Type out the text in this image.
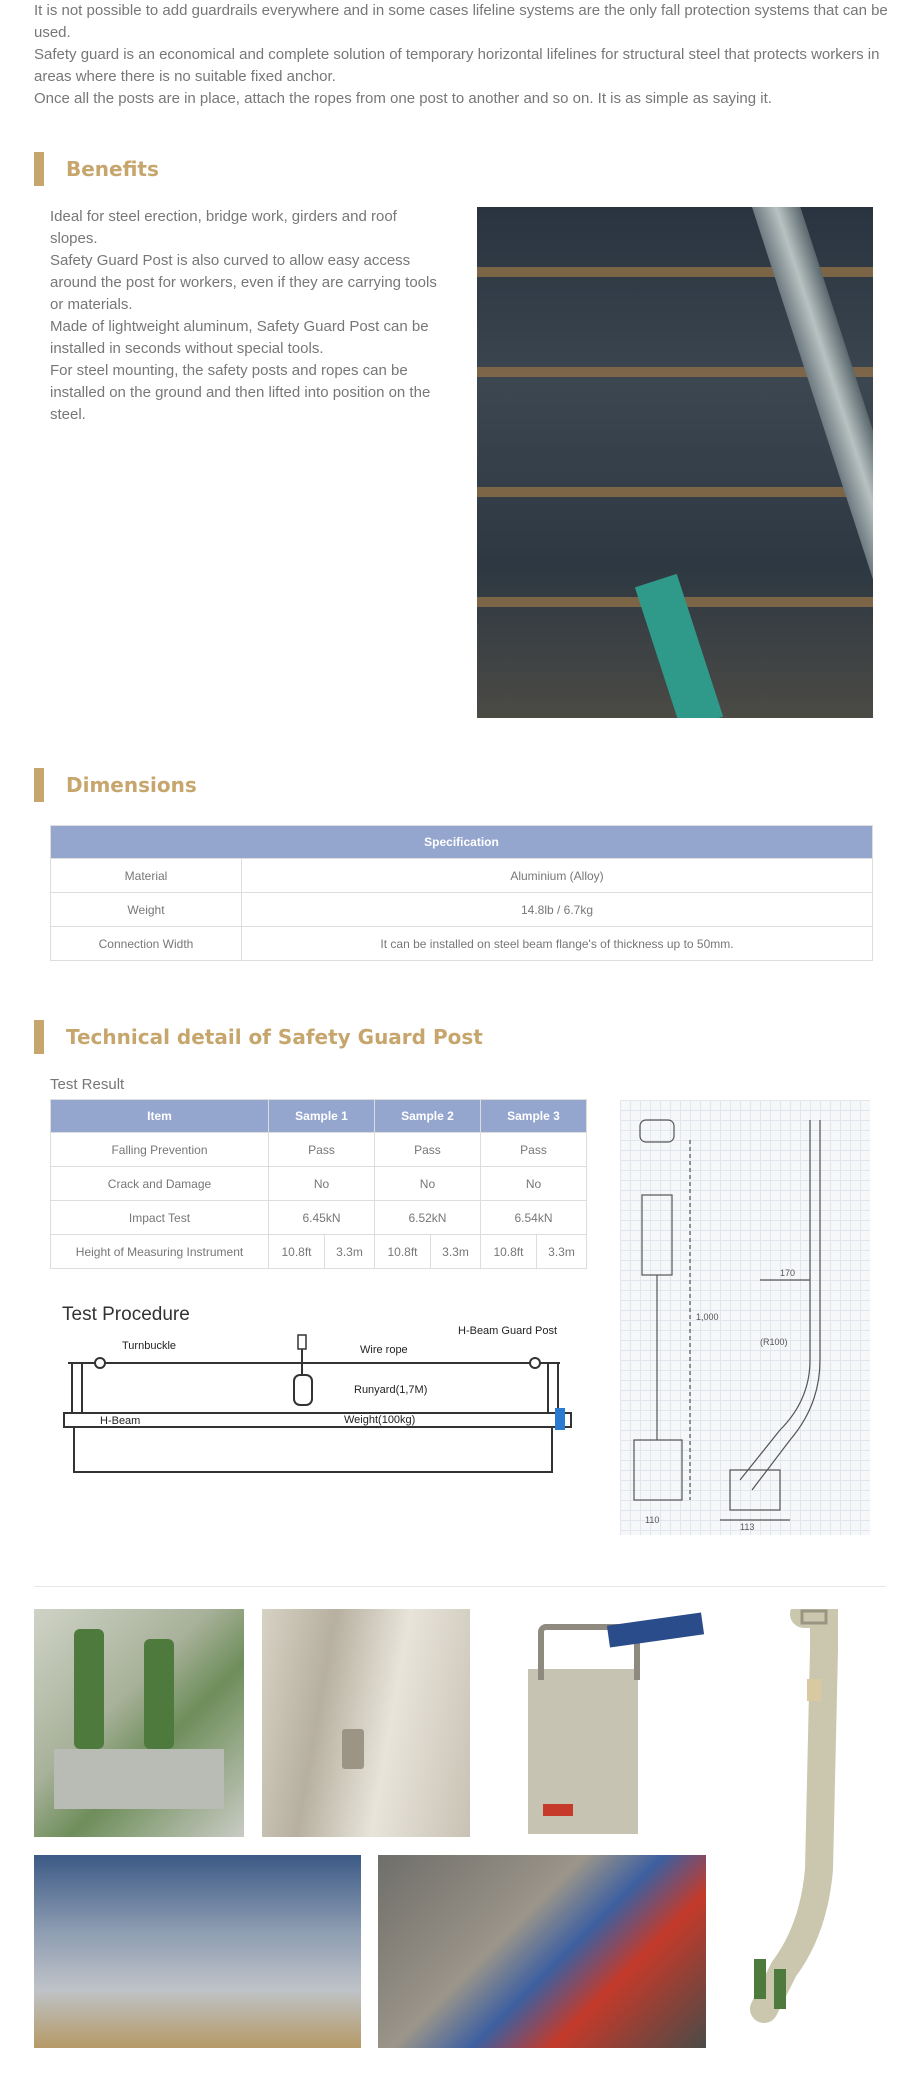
It is not possible to add guardrails everywhere and in some cases lifeline systems are the only fall protection systems that can be used.

Safety guard is an economical and complete solution of temporary horizontal lifelines for structural steel that protects workers in areas where there is no suitable fixed anchor.

Once all the posts are in place, attach the ropes from one post to another and so on. It is as simple as saying it.

Benefits

Ideal for steel erection, bridge work, girders and roof slopes.

Safety Guard Post is also curved to allow easy access around the post for workers, even if they are carrying tools or materials.

Made of lightweight aluminum, Safety Guard Post can be installed in seconds without special tools.

For steel mounting, the safety posts and ropes can be installed on the ground and then lifted into position on the steel.

Dimensions
Specification	
Material	Aluminium (Alloy)
Weight	14.8lb / 6.7kg
Connection Width	It can be installed on steel beam flange's of thickness up to 50mm.
Technical detail of Safety Guard Post
Test Result
Item	Sample 1		Sample 2		Sample 3	
Falling Prevention	Pass		Pass		Pass	
Crack and Damage	No		No		No	
Impact Test	6.45kN		6.52kN		6.54kN	
Height of Measuring Instrument	10.8ft	3.3m	10.8ft	3.3m	10.8ft	3.3m
Test Procedure
Turnbuckle	Wire rope
H-Beam Guard Post
Runyard(1,7M)
H-Beam	Weight(100kg)
110
113
170
(R100)
1,000
